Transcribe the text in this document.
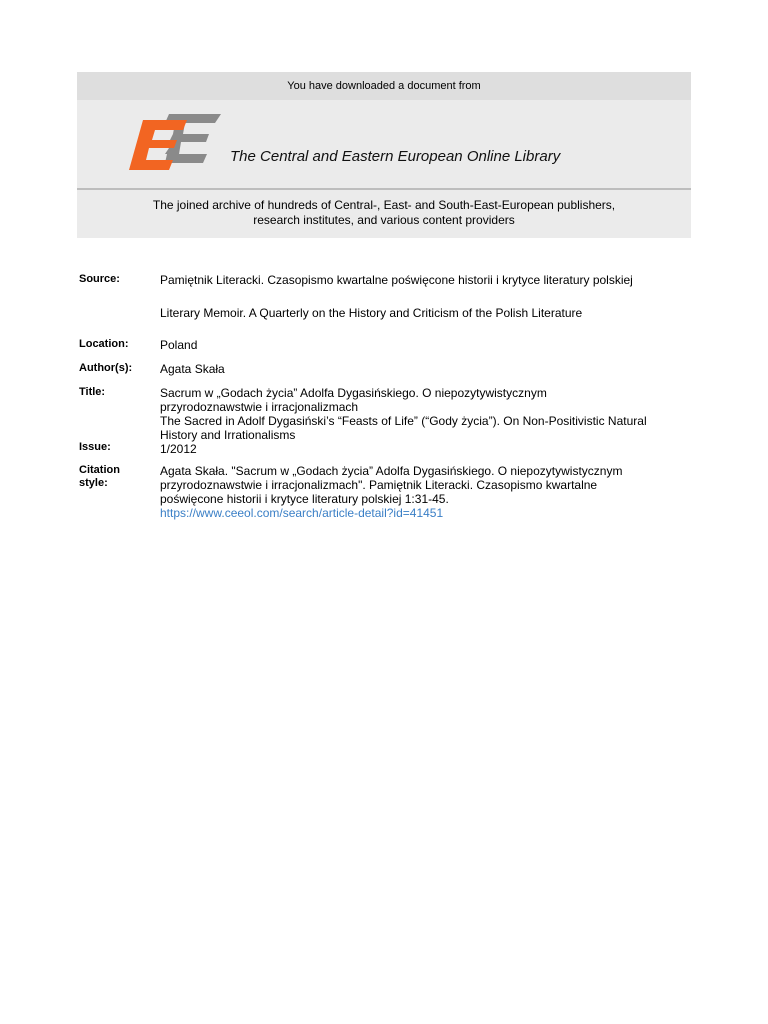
You have downloaded a document from
The Central and Eastern European Online Library
The joined archive of hundreds of Central-, East- and South-East-European publishers,
research institutes, and various content providers
Source:	Pamiętnik Literacki. Czasopismo kwartalne poświęcone historii i krytyce literatury polskiej
Literary Memoir. A Quarterly on the History and Criticism of the Polish Literature
Location:	Poland
Author(s):	Agata Skała
Title:	Sacrum w „Godach życia” Adolfa Dygasińskiego. O niepozytywistycznym
przyrodoznawstwie i irracjonalizmach
The Sacred in Adolf Dygasiński’s “Feasts of Life” (“Gody życia”). On Non-Positivistic Natural
History and Irrationalisms
Issue:	1/2012
Citation
style:
Agata Skała. "Sacrum w „Godach życia” Adolfa Dygasińskiego. O niepozytywistycznym
przyrodoznawstwie i irracjonalizmach". Pamiętnik Literacki. Czasopismo kwartalne
poświęcone historii i krytyce literatury polskiej 1:31-45.
https://www.ceeol.com/search/article-detail?id=41451
